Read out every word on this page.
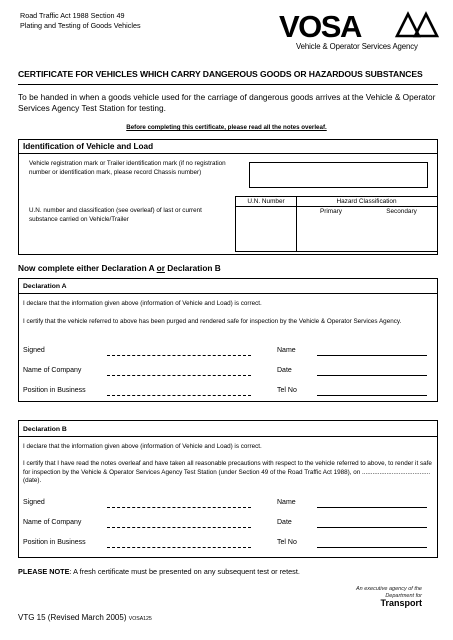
Road Traffic Act 1988 Section 49
Plating and Testing of Goods Vehicles	VOSA
Vehicle & Operator Services Agency
CERTIFICATE FOR VEHICLES WHICH CARRY DANGEROUS GOODS OR HAZARDOUS SUBSTANCES
To be handed in when a goods vehicle used for the carriage of dangerous goods arrives at the Vehicle & Operator Services Agency Test Station for testing.
Before completing this certificate, please read all the notes overleaf.
Identification of Vehicle and Load
Vehicle registration mark or Trailer identification mark (if no registration number or identification mark, please record Chassis number)
U.N. number and classification (see overleaf) of last or current substance carried on Vehicle/Trailer
U.N. Number	Hazard Classification
Primary	Secondary
Now complete either Declaration A or Declaration B
Declaration A
I declare that the information given above (information of Vehicle and Load) is correct.
I certify that the vehicle referred to above has been purged and rendered safe for inspection by the Vehicle & Operator Services Agency.
Signed	Name
Name of Company	Date
Position in Business	Tel No
Declaration B
I declare that the information given above (information of Vehicle and Load) is correct.
I certify that I have read the notes overleaf and have taken all reasonable precautions with respect to the vehicle referred to above, to render it safe for inspection by the Vehicle & Operator Services Agency Test Station (under Section 49 of the Road Traffic Act 1988), on ....................................... (date).
Signed	Name
Name of Company	Date
Position in Business	Tel No
PLEASE NOTE: A fresh certificate must be presented on any subsequent test or retest.
An executive agency of the
Department for
Transport
VTG 15 (Revised March 2005) VOSA125
